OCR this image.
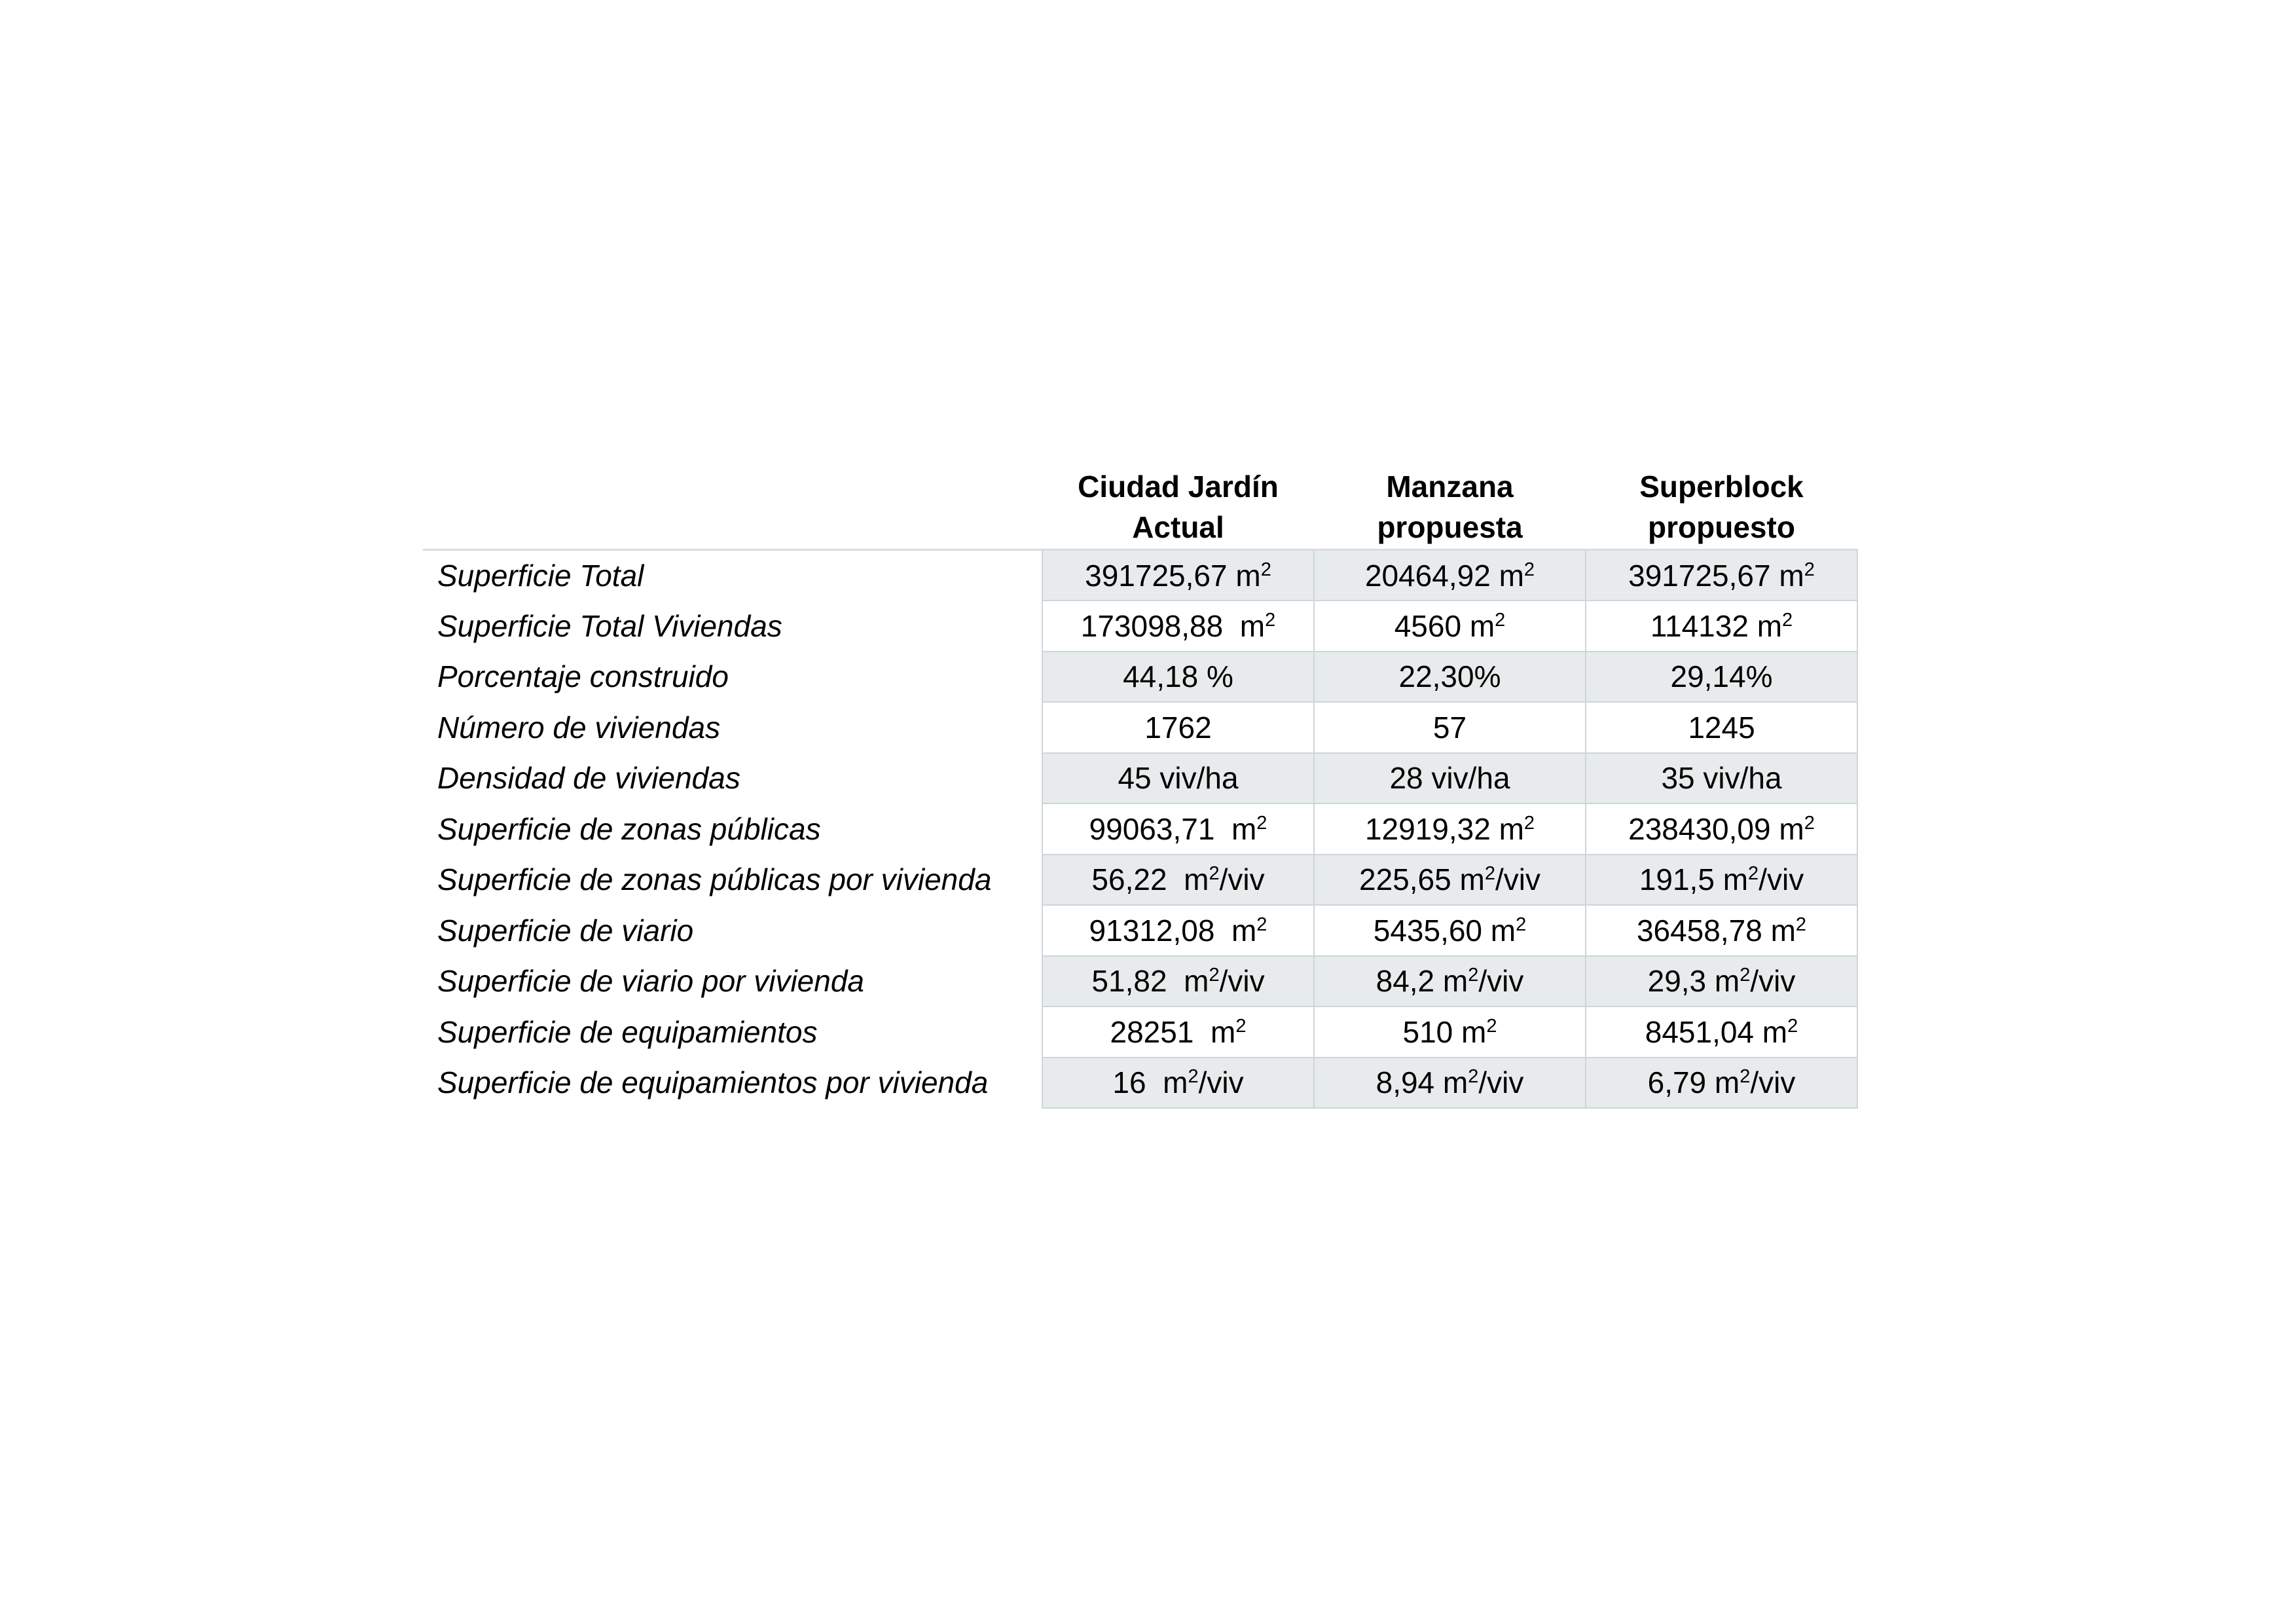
	Ciudad Jardín Actual	Manzana propuesta	Superblock propuesto
Superficie Total	391725,67 $m^2$	20464,92 $m^2$	391725,67 $m^2$
Superficie Total Viviendas	173098,88  $m^2$	4560 $m^2$	114132 $m^2$
Porcentaje construido	44,18 %	22,30%	29,14%
Número de viviendas	1762	57	1245
Densidad de viviendas	45 viv/ha	28 viv/ha	35 viv/ha
Superficie de zonas públicas	99063,71  $m^2$	12919,32 $m^2$	238430,09 $m^2$
Superficie de zonas públicas por vivienda	56,22  $m^2$/viv	225,65 $m^2$/viv	191,5 $m^2$/viv
Superficie de viario	91312,08  $m^2$	5435,60 $m^2$	36458,78 $m^2$
Superficie de viario por vivienda	51,82  $m^2$/viv	84,2 $m^2$/viv	29,3 $m^2$/viv
Superficie de equipamientos	28251  $m^2$	510 $m^2$	8451,04 $m^2$
Superficie de equipamientos por vivienda	16  $m^2$/viv	8,94 $m^2$/viv	6,79 $m^2$/viv
